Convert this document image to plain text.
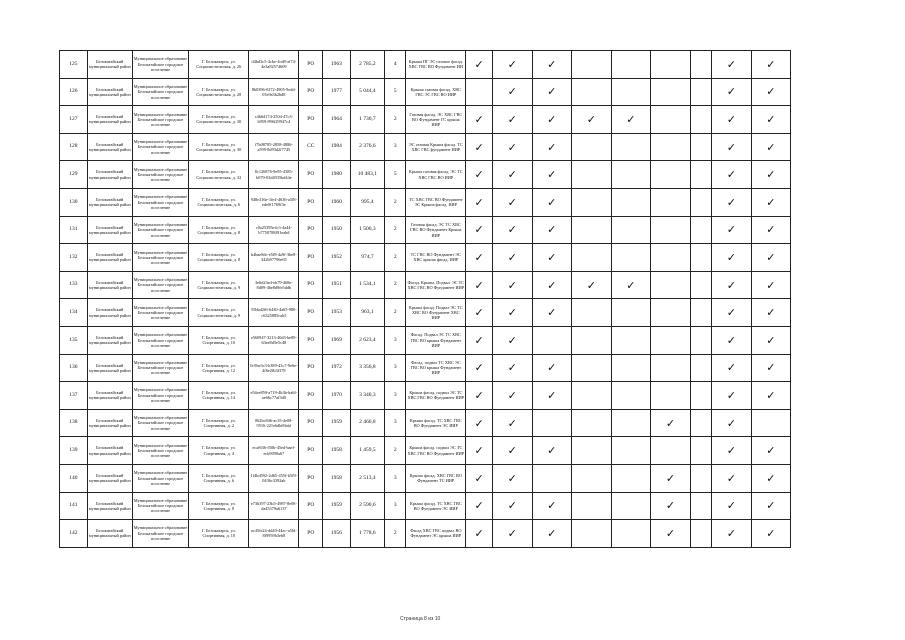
125	Белокатайский муниципальный район	Муниципальное образование Белокатайское городское поселение	Г. Белокатарск, ул. Социалистическая, д. 26	d4bd3c5-4cbe-4cd8-af74-4e3a82574609	РО	1963	2 785,2	4	Крыша ПГ ЭС газовое фасад. ХВС ГВС ВО Фундамент ИИ	✓	✓	✓					✓	✓
126	Белокатайский муниципальный район	Муниципальное образование Белокатайское городское поселение	Г. Белокатарск, ул. Социалистическая, д. 28	8b0396-0272-4905-9edd-03e9a3b2bd8	РО	1977	5 044,4	5	Крыша газовая фасад. ХВС ГВС ЭС ГВС ВО ИИР		✓	✓					✓	✓
127	Белокатайский муниципальный район	Муниципальное образование Белокатайское городское поселение	Г. Белокатарск, ул. Социалистическая, д. 30	c4b6d174-2504-47c3-b959-896f29947c4	РО	1964	1 730,7	2	Газовая фасад. ЭС ХВС ГВС ВО Фундамент ГС крыша ИИР	✓	✓	✓	✓	✓			✓	✓
128	Белокатайский муниципальный район	Муниципальное образование Белокатайское городское поселение	Г. Белокатарск, ул. Социалистическая, д. 30	f7b08785-2858-4886-a599-8d93d2f7745	СС	1984	2 376,6	3	ЭС газовая Крыша фасад. ТС ХВС ГВС фундамент ИИР	✓	✓	✓					✓	✓
129	Белокатайский муниципальный район	Муниципальное образование Белокатайское городское поселение	Г. Белокатарск, ул. Социалистическая, д. 32	8c126876-9e95-4385-b079-03d4935bd44e	РО	1980	10 483,1	5	Крыша газовая фасад. ЭС ТС ХВС ГВС ВО ИИР	✓	✓	✓					✓	✓
130	Белокатайский муниципальный район	Муниципальное образование Белокатайское городское поселение	Г. Белокатарск, ул. Социалистическая, д. 6	948e316e-1fe4-4636-a5f8-ede0f1769f3e	РО	1960	995,4	2	ТС ХВС ГВС ВО Фундамент ЭС Крыша фасад. ИИР	✓	✓	✓					✓	✓
131	Белокатайский муниципальный район	Муниципальное образование Белокатайское городское поселение	Г. Белокатарск, ул. Социалистическая, д. 8	c0a25395e4c3-4a44-b7750788f91eabd	РО	1950	1 500,3	2	Газовая фасад. ЭС ТС ХВС ГВС ВО Фундамент Крыша ИИР	✓	✓	✓					✓	✓
132	Белокатайский муниципальный район	Муниципальное образование Белокатайское городское поселение	Г. Белокатарск, ул. Социалистическая, д. 8	b4bae8dc-e5f8-4a9f-3be8-342b97796e65	РО	1952	974,7	2	ТС ГВС ВО Фундамент ЭС ХВС крыша фасад. ИИР	✓	✓	✓					✓	✓
133	Белокатайский муниципальный район	Муниципальное образование Белокатайское городское поселение	Г. Белокатарск, ул. Социалистическая, д. 9	3e6d23ed-eb79-468e-8d09-4be8d9fe5ddb	РО	1951	1 534,1	2	Фасад. Крыша. Подвал. ЭС ТС ХВС ГВС ВО Фундамент ИИР	✓	✓	✓	✓	✓			✓	✓
134	Белокатайский муниципальный район	Муниципальное образование Белокатайское городское поселение	Г. Белокатарск, ул. Социалистическая, д. 9	55bbd2f6-6430-4a65-980-c6325885cab5	РО	1953	963,1	2	Крыша фасад. Подвал ЭС ТС ХВС ВО Фундамент ХВС ИИР	✓	✓	✓					✓	✓
135	Белокатайский муниципальный район	Муниципальное образование Белокатайское городское поселение	Г. Белокатарск, ул. Спортивная, д. 10	e560947-3213-40d3-be89-63ee8d5e5c48	РО	1969	2 623,4	3	Фасад. Подвал ЭС ТС ХВС ГВС ВО крыша Фундамент ИИР	✓	✓						✓	✓
136	Белокатайский муниципальный район	Муниципальное образование Белокатайское городское поселение	Г. Белокатарск, ул. Спортивная, д. 12	0c9be3c3-b389-43c7-9e6e-4f6e2fb3f378	РО	1972	3 356,8	3	Фасад. подвал ТС ХВС ЭС ГВС ВО крыша Фундамент ИИР	✓	✓	✓					✓	✓
137	Белокатайский муниципальный район	Муниципальное образование Белокатайское городское поселение	Г. Белокатарск, ул. Спортивная, д. 14	e54ee859-a719-4b3b-ba6f-ae66c77af3d0	РО	1970	3 340,3	3	Крыша фасад. подвал ЭС ТС ХВС ГВС ВО Фундамент ИИР	✓	✓	✓					✓	✓
138	Белокатайский муниципальный район	Муниципальное образование Белокатайское городское поселение	Г. Белокатарск, ул. Спортивная, д. 2	062bc846-ac35-4e08-9516-221e6db69abf	РО	1959	2 460,8	3	Крыша фасад. ТС ХВС ГВС ВО Фундамент ЭС ИИР	✓	✓				✓		✓	
139	Белокатайский муниципальный район	Муниципальное образование Белокатайское городское поселение	Г. Белокатарск, ул. Спортивная, д. 4	ecaf636-f50b-45ed-baef-ecb9098a67	РО	1958	1 459,5	2	Крыша фасад. подвал ЭС ТС ХВС ГВС ВО Фундамент ИИР	✓	✓	✓					✓	✓
140	Белокатайский муниципальный район	Муниципальное образование Белокатайское городское поселение	Г. Белокатарск, ул. Спортивная, д. 6	1f4bd592-2d65-455f-b5f9-0436c3392ab	РО	1958	2 513,4	3	Крыша фасад. ХВС ГВС ВО Фундамент ТС ИИР	✓	✓				✓		✓	✓
141	Белокатайский муниципальный район	Муниципальное образование Белокатайское городское поселение	Г. Белокатарск, ул. Спортивная, д. 8	e73b397-23b5-4987-8e08-da45379a6137	РО	1959	2 590,6	3	Крыша фасад. ТС ХВС ГВС ВО Фундамент ЭС ИИР	✓	✓	✓			✓		✓	✓
142	Белокатайский муниципальный район	Муниципальное образование Белокатайское городское поселение	Г. Белокатарск, ул. Спортивная, д. 10	ac45fe24-dd40-44ec-a5fd-8f9959b3eb8	РО	1956	1 778,6	2	Фасад ХВС ГВС подвал ВО Фундамент ЭС крыша ИИР	✓	✓	✓			✓		✓	✓
Страница 8 из 10
